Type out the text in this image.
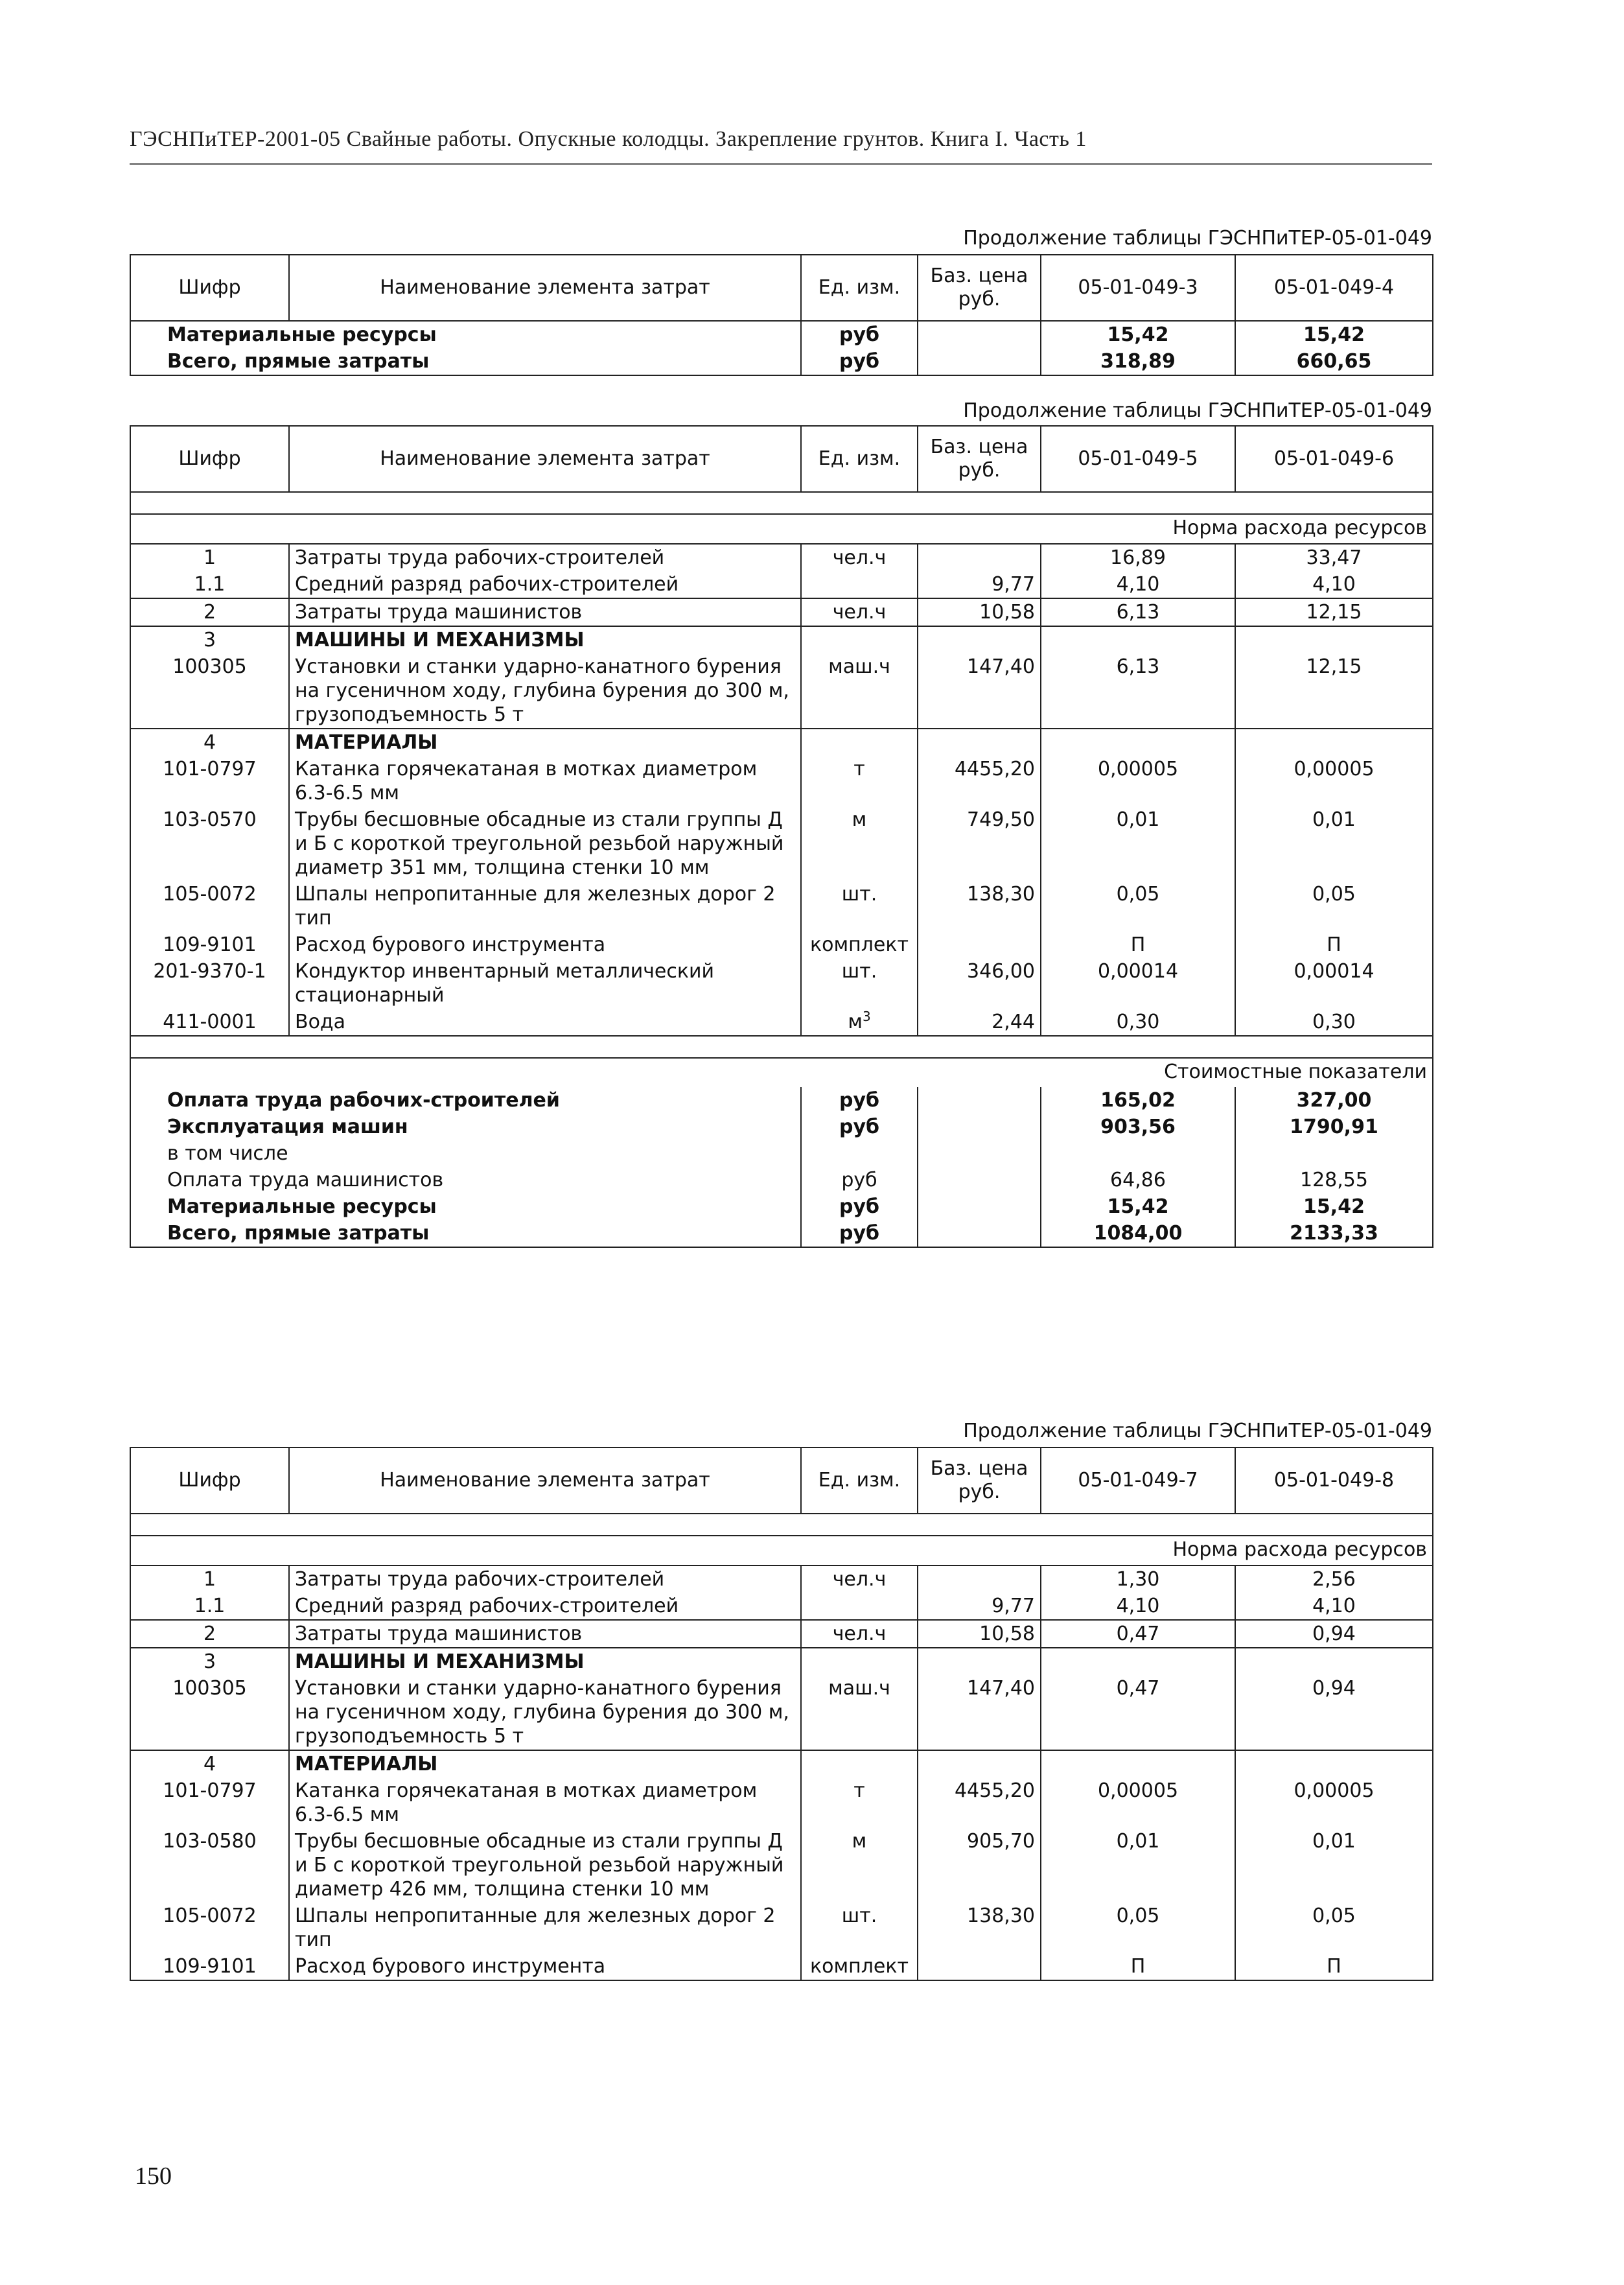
ГЭСНПиТЕР-2001-05 Свайные работы. Опускные колодцы. Закрепление грунтов. Книга I. Часть 1
Продолжение таблицы ГЭСНПиТЕР-05-01-049
Шифр	Наименование элемента затрат	Ед. изм.	Баз. цена руб.	05-01-049-3	05-01-049-4
Материальные ресурсы		руб		15,42	15,42
Всего, прямые затраты		руб		318,89	660,65
Продолжение таблицы ГЭСНПиТЕР-05-01-049
Шифр	Наименование элемента затрат	Ед. изм.	Баз. цена руб.	05-01-049-5	05-01-049-6

Норма расхода ресурсов					
1	Затраты труда рабочих-строителей	чел.ч		16,89	33,47
1.1	Средний разряд рабочих-строителей		9,77	4,10	4,10
2	Затраты труда машинистов	чел.ч	10,58	6,13	12,15
3	МАШИНЫ И МЕХАНИЗМЫ				
100305	Установки и станки ударно-канатного бурения на гусеничном ходу, глубина бурения до 300 м, грузоподъемность 5 т	маш.ч	147,40	6,13	12,15
4	МАТЕРИАЛЫ				
101-0797	Катанка горячекатаная в мотках диаметром 6.3-6.5 мм	т	4455,20	0,00005	0,00005
103-0570	Трубы бесшовные обсадные из стали группы Д и Б с короткой треугольной резьбой наружный диаметр 351 мм, толщина стенки 10 мм	м	749,50	0,01	0,01
105-0072	Шпалы непропитанные для железных дорог 2 тип	шт.	138,30	0,05	0,05
109-9101	Расход бурового инструмента	комплект		П	П
201-9370-1	Кондуктор инвентарный металлический стационарный	шт.	346,00	0,00014	0,00014
411-0001	Вода	$м^3$	2,44	0,30	0,30

Стоимостные показатели					
Оплата труда рабочих-строителей		руб		165,02	327,00
Эксплуатация машин		руб		903,56	1790,91
в том числе					
Оплата труда машинистов		руб		64,86	128,55
Материальные ресурсы		руб		15,42	15,42
Всего, прямые затраты		руб		1084,00	2133,33
Продолжение таблицы ГЭСНПиТЕР-05-01-049
Шифр	Наименование элемента затрат	Ед. изм.	Баз. цена руб.	05-01-049-7	05-01-049-8

Норма расхода ресурсов					
1	Затраты труда рабочих-строителей	чел.ч		1,30	2,56
1.1	Средний разряд рабочих-строителей		9,77	4,10	4,10
2	Затраты труда машинистов	чел.ч	10,58	0,47	0,94
3	МАШИНЫ И МЕХАНИЗМЫ				
100305	Установки и станки ударно-канатного бурения на гусеничном ходу, глубина бурения до 300 м, грузоподъемность 5 т	маш.ч	147,40	0,47	0,94
4	МАТЕРИАЛЫ				
101-0797	Катанка горячекатаная в мотках диаметром 6.3-6.5 мм	т	4455,20	0,00005	0,00005
103-0580	Трубы бесшовные обсадные из стали группы Д и Б с короткой треугольной резьбой наружный диаметр 426 мм, толщина стенки 10 мм	м	905,70	0,01	0,01
105-0072	Шпалы непропитанные для железных дорог 2 тип	шт.	138,30	0,05	0,05
109-9101	Расход бурового инструмента	комплект		П	П
150
